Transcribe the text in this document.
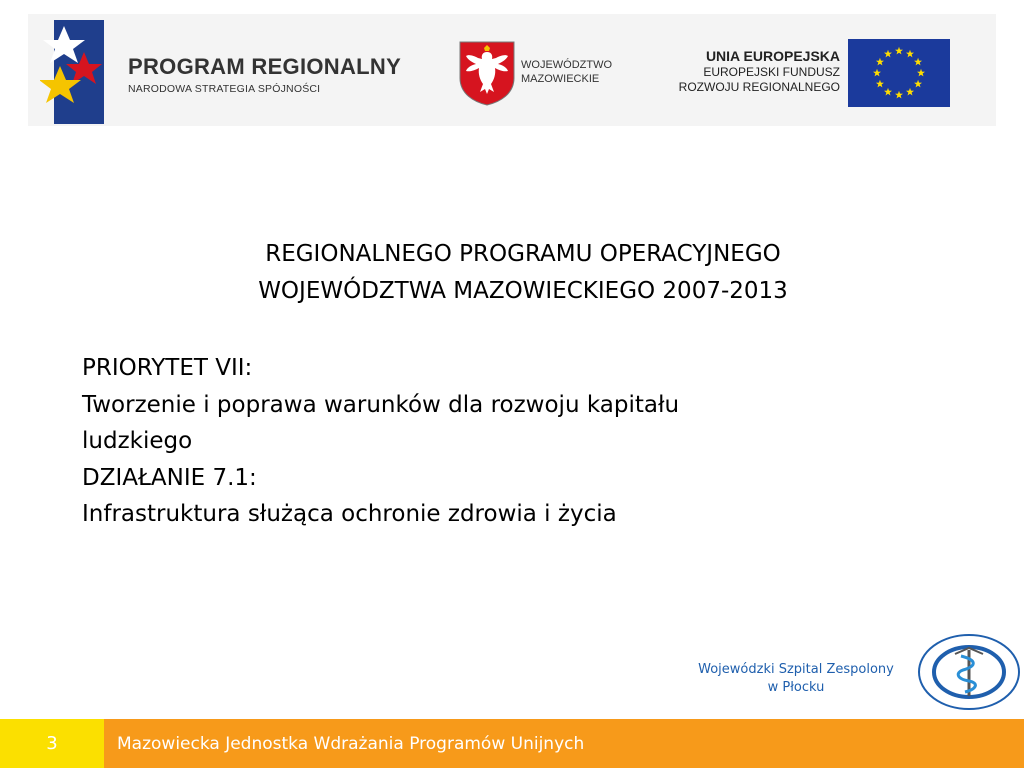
PROGRAM REGIONALNY
NARODOWA STRATEGIA SPÓJNOŚCI
WOJEWÓDZTWO
MAZOWIECKIE
UNIA EUROPEJSKA
EUROPEJSKI FUNDUSZ
ROZWOJU REGIONALNEGO
REGIONALNEGO PROGRAMU OPERACYJNEGO
WOJEWÓDZTWA MAZOWIECKIEGO 2007-2013
PRIORYTET VII:
Tworzenie i poprawa warunków dla rozwoju kapitału
ludzkiego
DZIAŁANIE 7.1:
Infrastruktura służąca ochronie zdrowia i życia
Wojewódzki Szpital Zespolony
w Płocku
3	Mazowiecka Jednostka Wdrażania Programów Unijnych
